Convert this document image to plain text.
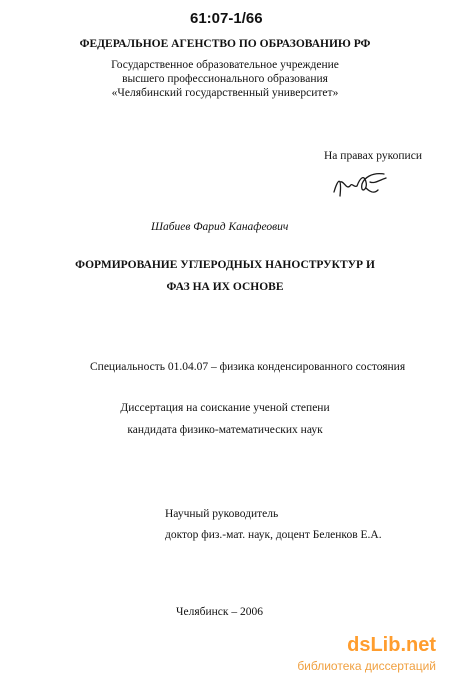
61:07-1/66
ФЕДЕРАЛЬНОЕ АГЕНСТВО ПО ОБРАЗОВАНИЮ РФ
Государственное образовательное учреждение
высшего профессионального образования
«Челябинский государственный университет»
На правах рукописи
Шабиев Фарид Канафеович
ФОРМИРОВАНИЕ УГЛЕРОДНЫХ НАНОСТРУКТУР И
ФАЗ НА ИХ ОСНОВЕ
Специальность 01.04.07 – физика конденсированного состояния
Диссертация на соискание ученой степени
кандидата физико-математических наук
Научный руководитель
доктор физ.-мат. наук, доцент Беленков Е.А.
Челябинск – 2006
dsLib.net
библиотека диссертаций
